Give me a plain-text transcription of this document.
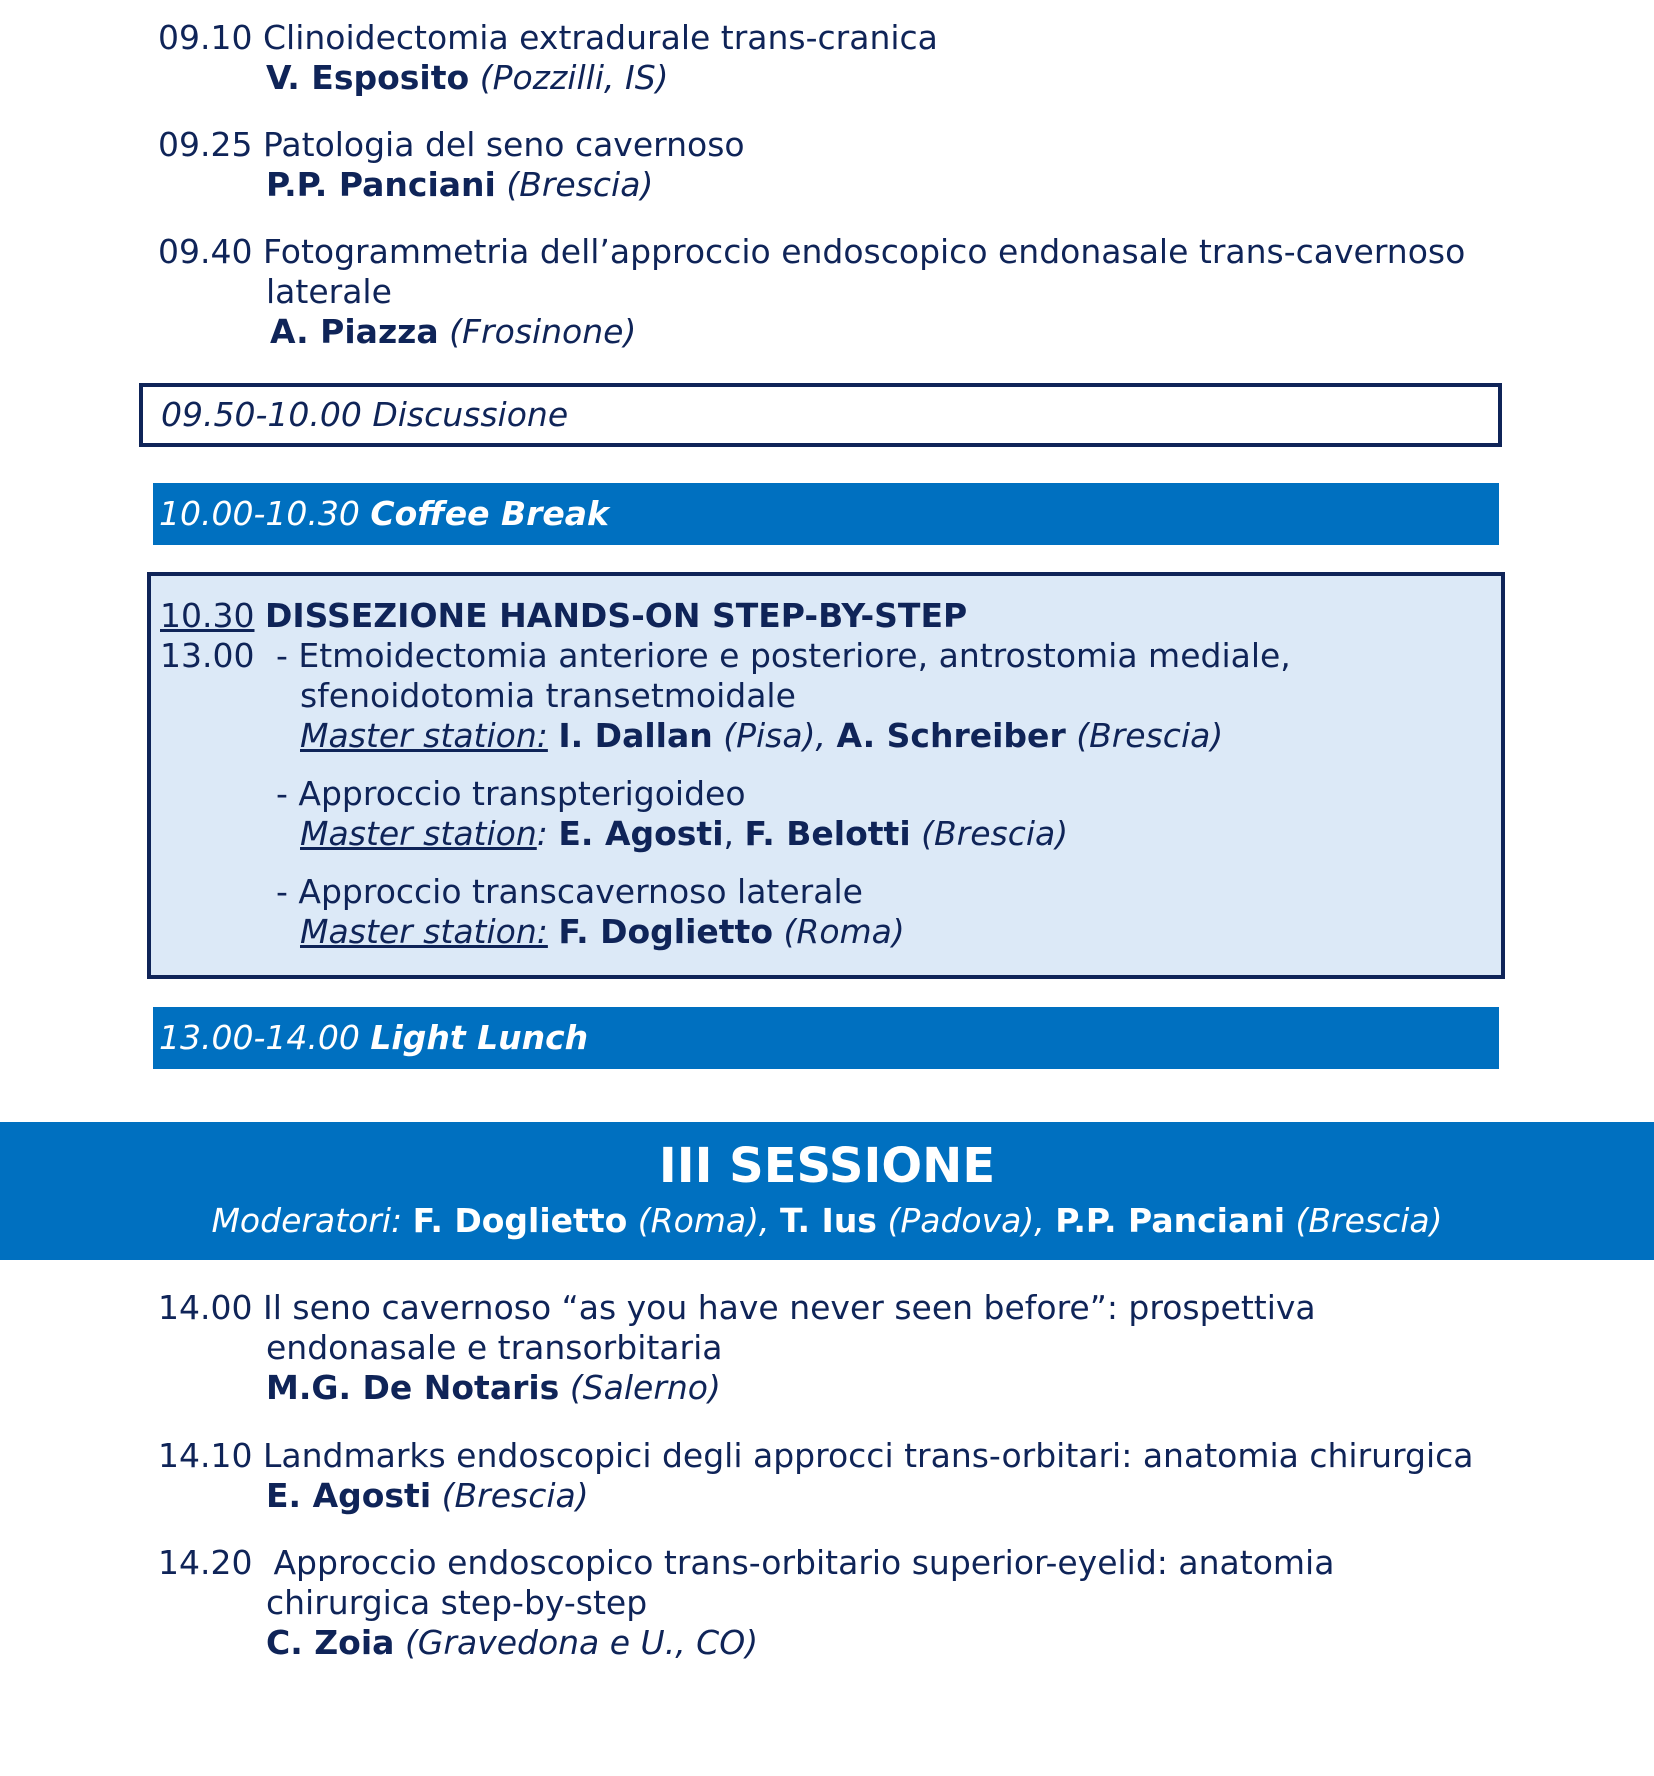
09.10 Clinoidectomia extradurale trans-cranica
V. Esposito (Pozzilli, IS)
09.25 Patologia del seno cavernoso
P.P. Panciani (Brescia)
09.40 Fotogrammetria dell’approccio endoscopico endonasale trans-cavernoso
laterale
A. Piazza (Frosinone)
09.50-10.00 Discussione
10.00-10.30 Coffee Break
10.30 DISSEZIONE HANDS-ON STEP-BY-STEP
13.00 - Etmoidectomia anteriore e posteriore, antrostomia mediale,
sfenoidotomia transetmoidale
Master station: I. Dallan (Pisa), A. Schreiber (Brescia)
- Approccio transpterigoideo
Master station: E. Agosti, F. Belotti (Brescia)
- Approccio transcavernoso laterale
Master station: F. Doglietto (Roma)
13.00-14.00 Light Lunch
III SESSIONE
Moderatori: F. Doglietto (Roma), T. Ius (Padova), P.P. Panciani (Brescia)
14.00 Il seno cavernoso “as you have never seen before”: prospettiva
endonasale e transorbitaria
M.G. De Notaris (Salerno)
14.10 Landmarks endoscopici degli approcci trans-orbitari: anatomia chirurgica
E. Agosti (Brescia)
14.20 Approccio endoscopico trans-orbitario superior-eyelid: anatomia
chirurgica step-by-step
C. Zoia (Gravedona e U., CO)
